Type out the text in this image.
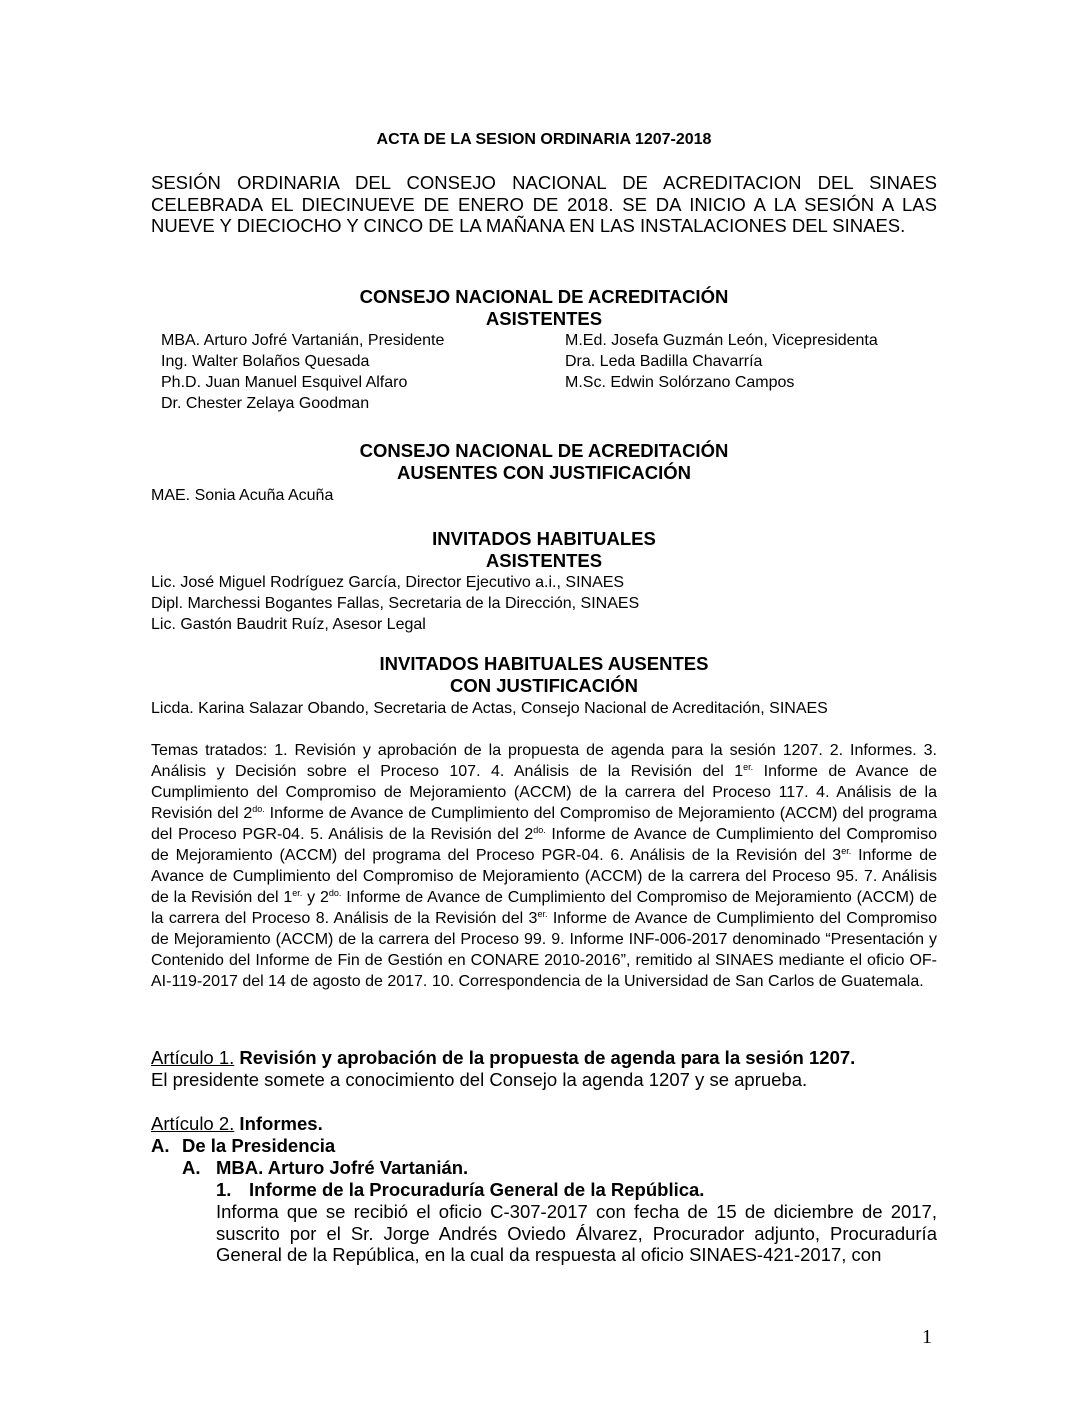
ACTA DE LA SESION ORDINARIA 1207-2018
SESIÓN ORDINARIA DEL CONSEJO NACIONAL DE ACREDITACION DEL SINAES CELEBRADA EL DIECINUEVE DE ENERO DE 2018. SE DA INICIO A LA SESIÓN A LAS NUEVE Y DIECIOCHO Y CINCO DE LA MAÑANA EN LAS INSTALACIONES DEL SINAES.
CONSEJO NACIONAL DE ACREDITACIÓN
ASISTENTES
MBA. Arturo Jofré Vartanián, Presidente	M.Ed. Josefa Guzmán León, Vicepresidenta
Ing. Walter Bolaños Quesada	Dra. Leda Badilla Chavarría
Ph.D. Juan Manuel Esquivel Alfaro	M.Sc. Edwin Solórzano Campos
Dr. Chester Zelaya Goodman
CONSEJO NACIONAL DE ACREDITACIÓN
AUSENTES CON JUSTIFICACIÓN
MAE. Sonia Acuña Acuña
INVITADOS HABITUALES
ASISTENTES
Lic. José Miguel Rodríguez García, Director Ejecutivo a.i., SINAES
Dipl. Marchessi Bogantes Fallas, Secretaria de la Dirección, SINAES
Lic. Gastón Baudrit Ruíz, Asesor Legal
INVITADOS HABITUALES AUSENTES
CON JUSTIFICACIÓN
Licda. Karina Salazar Obando, Secretaria de Actas, Consejo Nacional de Acreditación, SINAES
Temas tratados: 1. Revisión y aprobación de la propuesta de agenda para la sesión 1207. 2. Informes. 3. Análisis y Decisión sobre el Proceso 107. 4. Análisis de la Revisión del $1^{er.}$ Informe de Avance de Cumplimiento del Compromiso de Mejoramiento (ACCM) de la carrera del Proceso 117. 4. Análisis de la Revisión del $2^{do.}$ Informe de Avance de Cumplimiento del Compromiso de Mejoramiento (ACCM) del programa del Proceso PGR-04. 5. Análisis de la Revisión del $2^{do.}$ Informe de Avance de Cumplimiento del Compromiso de Mejoramiento (ACCM) del programa del Proceso PGR-04. 6. Análisis de la Revisión del $3^{er.}$ Informe de Avance de Cumplimiento del Compromiso de Mejoramiento (ACCM) de la carrera del Proceso 95. 7. Análisis de la Revisión del $1^{er.}$ y $2^{do.}$ Informe de Avance de Cumplimiento del Compromiso de Mejoramiento (ACCM) de la carrera del Proceso 8. Análisis de la Revisión del $3^{er.}$ Informe de Avance de Cumplimiento del Compromiso de Mejoramiento (ACCM) de la carrera del Proceso 99. 9. Informe INF-006-2017 denominado “Presentación y Contenido del Informe de Fin de Gestión en CONARE 2010-2016”, remitido al SINAES mediante el oficio OF-AI-119-2017 del 14 de agosto de 2017. 10. Correspondencia de la Universidad de San Carlos de Guatemala.
Artículo 1. Revisión y aprobación de la propuesta de agenda para la sesión 1207.
El presidente somete a conocimiento del Consejo la agenda 1207 y se aprueba.
Artículo 2. Informes.
A. De la Presidencia
A. MBA. Arturo Jofré Vartanián.
1. Informe de la Procuraduría General de la República.
Informa que se recibió el oficio C-307-2017 con fecha de 15 de diciembre de 2017, suscrito por el Sr. Jorge Andrés Oviedo Álvarez, Procurador adjunto, Procuraduría General de la República, en la cual da respuesta al oficio SINAES-421-2017, con
1
